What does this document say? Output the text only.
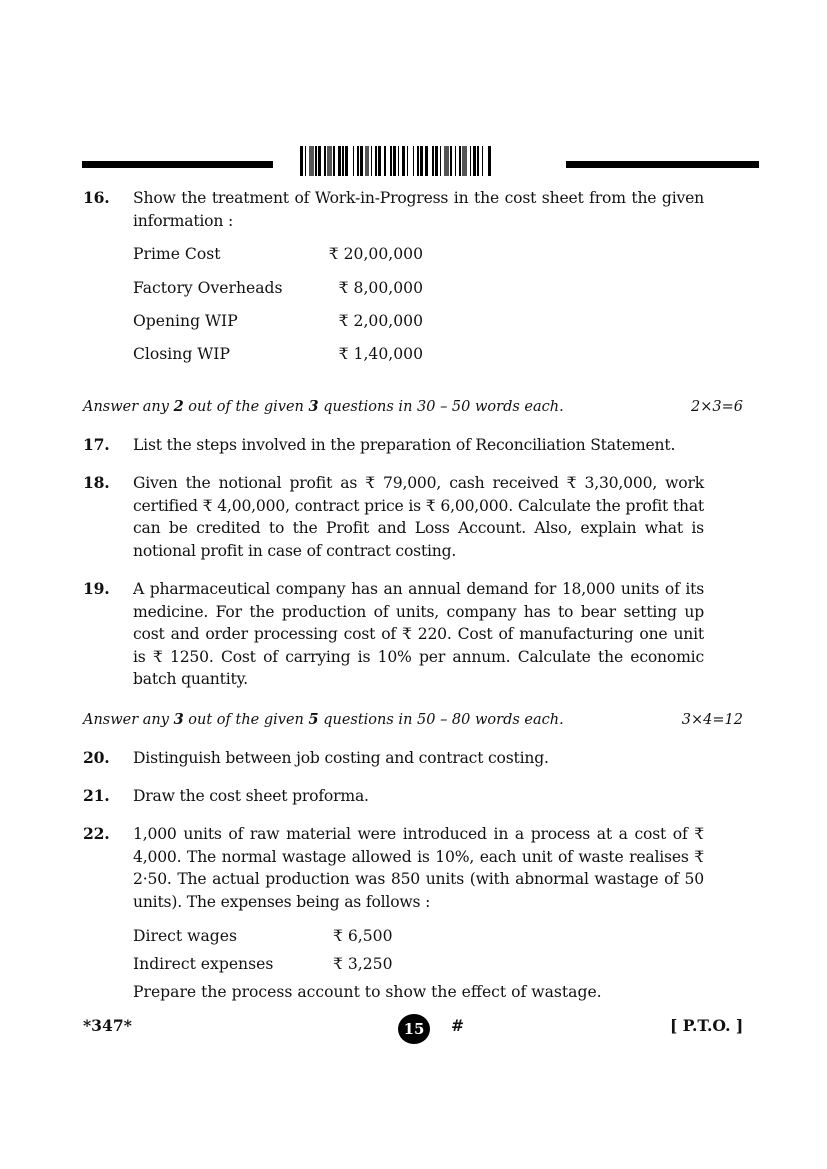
16. Show the treatment of Work-in-Progress in the cost sheet from the given information :
Prime Cost	₹ 20,00,000
Factory Overheads	₹ 8,00,000
Opening WIP	₹ 2,00,000
Closing WIP	₹ 1,40,000
Answer any 2 out of the given 3 questions in 30 – 50 words each.	2×3=6
17. List the steps involved in the preparation of Reconciliation Statement.
18. Given the notional profit as ₹ 79,000, cash received ₹ 3,30,000, work certified ₹ 4,00,000, contract price is ₹ 6,00,000. Calculate the profit that can be credited to the Profit and Loss Account. Also, explain what is notional profit in case of contract costing.
19. A pharmaceutical company has an annual demand for 18,000 units of its medicine. For the production of units, company has to bear setting up cost and order processing cost of ₹ 220. Cost of manufacturing one unit is ₹ 1250. Cost of carrying is 10% per annum. Calculate the economic batch quantity.
Answer any 3 out of the given 5 questions in 50 – 80 words each.	3×4=12
20. Distinguish between job costing and contract costing.
21. Draw the cost sheet proforma.
22. 1,000 units of raw material were introduced in a process at a cost of ₹ 4,000. The normal wastage allowed is 10%, each unit of waste realises ₹ 2·50. The actual production was 850 units (with abnormal wastage of 50 units). The expenses being as follows :
Direct wages	₹ 6,500
Indirect expenses	₹ 3,250
Prepare the process account to show the effect of wastage.
*347*	15	#	[ P.T.O. ]
